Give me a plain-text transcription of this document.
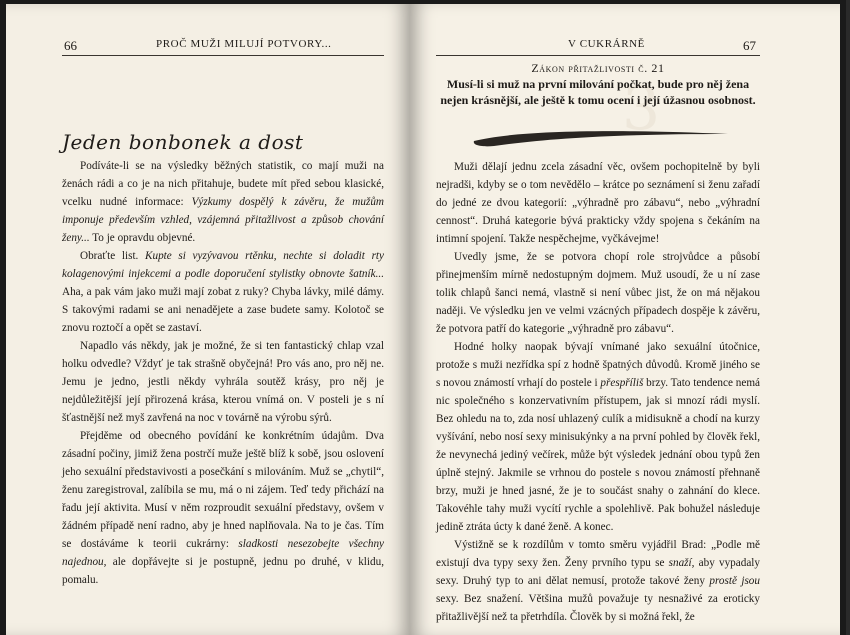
66	PROČ MUŽI MILUJÍ POTVORY...
Jeden bonbonek a dost

Podíváte-li se na výsledky běžných statistik, co mají muži na ženách rádi a co je na nich přitahuje, budete mít před sebou klasické, vcelku nudné informace: Výzkumy dospělý k závěru, že mužům imponuje především vzhled, vzájemná přitažlivost a způsob chování ženy... To je opravdu objevné.

Obraťte list. Kupte si vyzývavou rtěnku, nechte si doladit rty kolagenovými injekcemi a podle doporučení stylistky obnovte šatník... Aha, a pak vám jako muži mají zobat z ruky? Chyba lávky, milé dámy. S takovými radami se ani nenadějete a zase budete samy. Kolotoč se znovu roztočí a opět se zastaví.

Napadlo vás někdy, jak je možné, že si ten fantastický chlap vzal holku odvedle? Vždyť je tak strašně obyčejná! Pro vás ano, pro něj ne. Jemu je jedno, jestli někdy vyhrála soutěž krásy, pro něj je nejdůležitější její přirozená krása, kterou vnímá on. V posteli je s ní šťastnější než myš zavřená na noc v továrně na výrobu sýrů.

Přejděme od obecného povídání ke konkrétním údajům. Dva zásadní počiny, jimiž žena postrčí muže ještě blíž k sobě, jsou oslovení jeho sexuální představivosti a posečkání s milováním. Muž se „chytil“, ženu zaregistroval, zalíbila se mu, má o ni zájem. Teď tedy přichází na řadu její aktivita. Musí v něm rozproudit sexuální představy, ovšem v žádném případě není radno, aby je hned naplňovala. Na to je čas. Tím se dostáváme k teorii cukrárny: sladkosti nesezobejte všechny najednou, ale dopřávejte si je postupně, jednu po druhé, v klidu, pomalu.

3
V CUKRÁRNĚ	67
Zákon přitažlivosti č. 21
Musí-li si muž na první milování počkat, bude pro něj žena nejen krásnější, ale ještě k tomu ocení i její úžasnou osobnost.

Muži dělají jednu zcela zásadní věc, ovšem pochopitelně by byli nejradši, kdyby se o tom nevědělo – krátce po seznámení si ženu zařadí do jedné ze dvou kategorií: „výhradně pro zábavu“, nebo „výhradní cennost“. Druhá kategorie bývá prakticky vždy spojena s čekáním na intimní spojení. Takže nespěchejme, vyčkávejme!

Uvedly jsme, že se potvora chopí role strojvůdce a působí přinejmenším mírně nedostupným dojmem. Muž usoudí, že u ní zase tolik chlapů šanci nemá, vlastně si není vůbec jist, že on má nějakou naději. Ve výsledku jen ve velmi vzácných případech dospěje k závěru, že potvora patří do kategorie „výhradně pro zábavu“.

Hodné holky naopak bývají vnímané jako sexuální útočnice, protože s muži nezřídka spí z hodně špatných důvodů. Kromě jiného se s novou známostí vrhají do postele i přespříliš brzy. Tato tendence nemá nic společného s konzervativním přístupem, jak si mnozí rádi myslí. Bez ohledu na to, zda nosí uhlazený culík a midisukně a chodí na kurzy vyšívání, nebo nosí sexy minisukýnky a na první pohled by člověk řekl, že nevynechá jediný večírek, může být výsledek jednání obou typů žen úplně stejný. Jakmile se vrhnou do postele s novou známostí přehnaně brzy, muži je hned jasné, že je to součást snahy o zahnání do klece. Takovéhle tahy muži vycítí rychle a spolehlivě. Pak bohužel následuje jedině ztráta úcty k dané ženě. A konec.

Výstižně se k rozdílům v tomto směru vyjádřil Brad: „Podle mě existují dva typy sexy žen. Ženy prvního typu se snaží, aby vypadaly sexy. Druhý typ to ani dělat nemusí, protože takové ženy prostě jsou sexy. Bez snažení. Většina mužů považuje ty nesnaživé za eroticky přitažlivější než ta přetrhdíla. Člověk by si možná řekl, že
